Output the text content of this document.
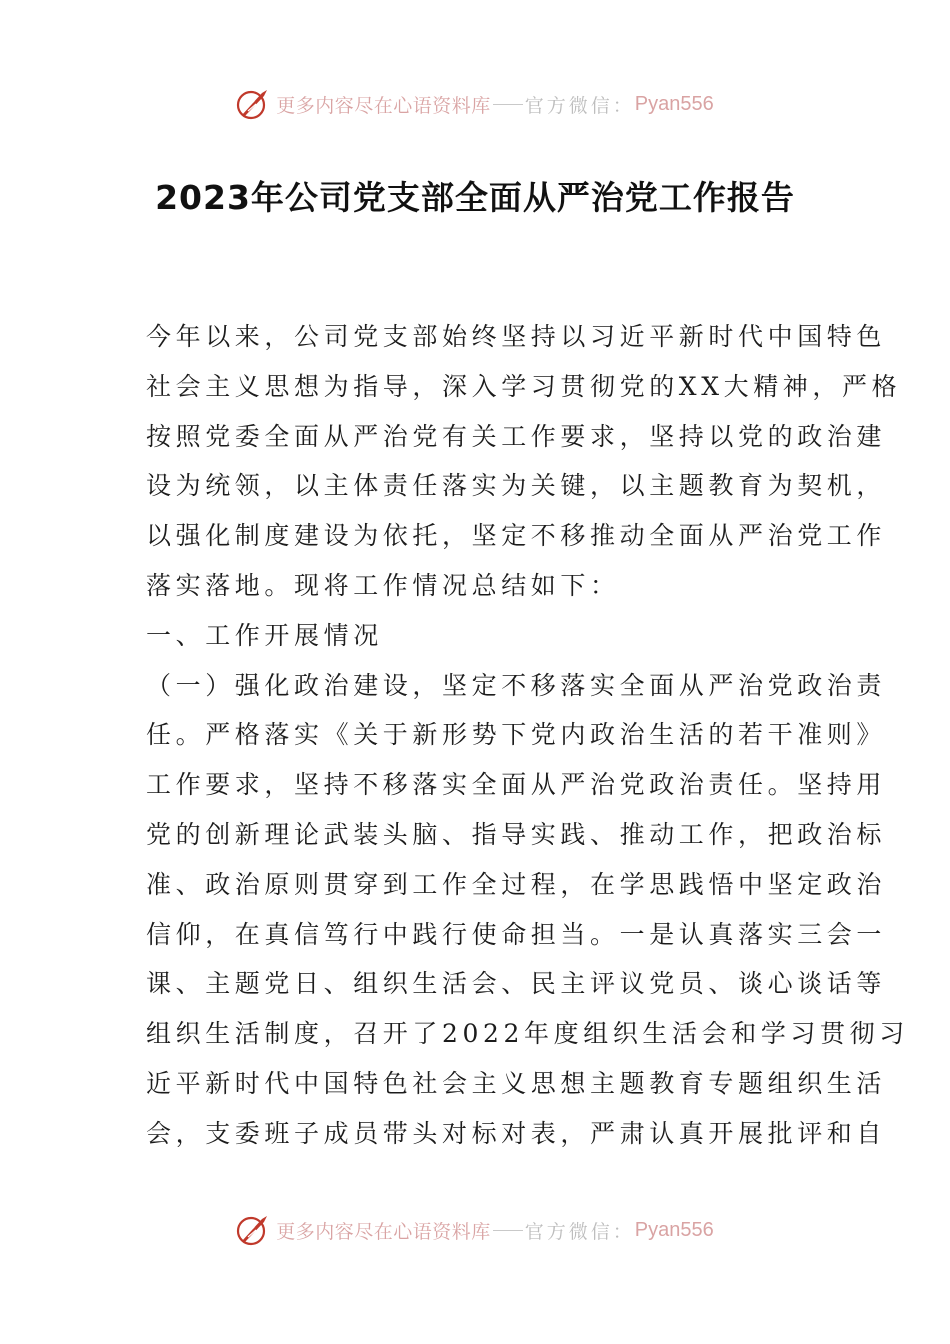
更多内容尽在心语资料库 官方微信： Pyan556
2023年公司党支部全面从严治党工作报告
今年以来，公司党支部始终坚持以习近平新时代中国特色
社会主义思想为指导，深入学习贯彻党的XX大精神，严格
按照党委全面从严治党有关工作要求，坚持以党的政治建
设为统领，以主体责任落实为关键，以主题教育为契机，
以强化制度建设为依托，坚定不移推动全面从严治党工作
落实落地。现将工作情况总结如下：
一、工作开展情况
（一）强化政治建设，坚定不移落实全面从严治党政治责
任。严格落实《关于新形势下党内政治生活的若干准则》
工作要求，坚持不移落实全面从严治党政治责任。坚持用
党的创新理论武装头脑、指导实践、推动工作，把政治标
准、政治原则贯穿到工作全过程，在学思践悟中坚定政治
信仰，在真信笃行中践行使命担当。一是认真落实三会一
课、主题党日、组织生活会、民主评议党员、谈心谈话等
组织生活制度，召开了2022年度组织生活会和学习贯彻习
近平新时代中国特色社会主义思想主题教育专题组织生活
会，支委班子成员带头对标对表，严肃认真开展批评和自
更多内容尽在心语资料库 官方微信： Pyan556
